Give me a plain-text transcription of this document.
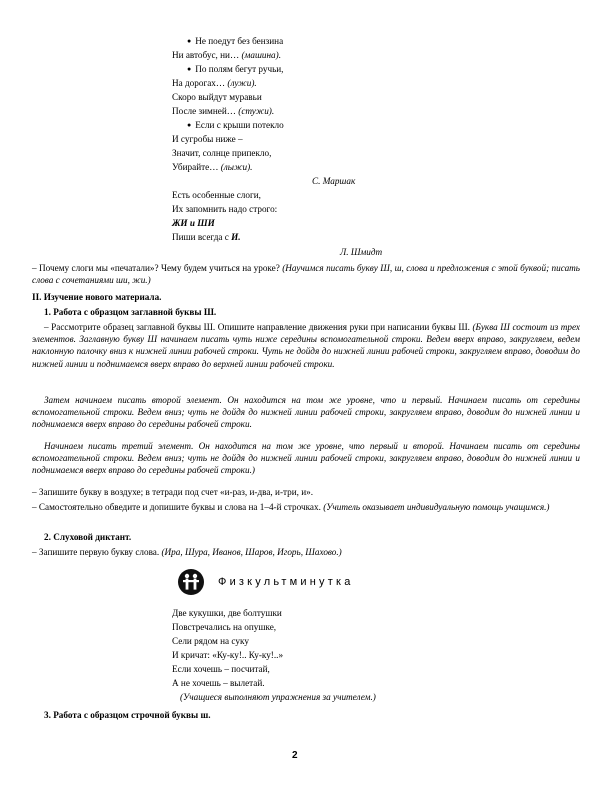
● Не поедут без бензина
Ни автобус, ни… (машина).
● По полям бегут ручьи,
На дорогах… (лужи).
Скоро выйдут муравьи
После зимней… (стужи).
● Если с крыши потекло
И сугробы ниже –
Значит, солнце припекло,
Убирайте… (лыжи).
С. Маршак
Есть особенные слоги,
Их запомнить надо строго:
ЖИ и ШИ
Пиши всегда с И.
Л. Шмидт
– Почему слоги мы «печатали»? Чему будем учиться на уроке? (Научимся писать букву Ш, ш, слова и предложения с этой буквой; писать слова с сочетаниями ши, жи.)
II. Изучение нового материала.
1. Работа с образцом заглавной буквы Ш.
– Рассмотрите образец заглавной буквы Ш. Опишите направление движения руки при написании буквы Ш. (Буква Ш состоит из трех элементов. Заглавную букву Ш начинаем писать чуть ниже середины вспомогательной строки. Ведем вверх вправо, закругляем, ведем наклонную палочку вниз к нижней линии рабочей строки. Чуть не дойдя до нижней линии рабочей строки, закругляем вправо, доводим до нижней линии и поднимаемся вверх вправо до верхней линии рабочей строки.
Затем начинаем писать второй элемент. Он находится на том же уровне, что и первый. Начинаем писать от середины вспомогательной строки. Ведем вниз; чуть не дойдя до нижней линии рабочей строки, закругляем вправо, доводим до нижней линии и поднимаемся вверх вправо до середины рабочей строки.
Начинаем писать третий элемент. Он находится на том же уровне, что первый и второй. Начинаем писать от середины вспомогательной строки. Ведем вниз; чуть не дойдя до нижней линии рабочей строки, закругляем вправо, доводим до нижней линии и поднимаемся вверх вправо до середины рабочей строки.)
– Запишите букву в воздухе; в тетради под счет «и-раз, и-два, и-три, и».
– Самостоятельно обведите и допишите буквы и слова на 1–4-й строчках. (Учитель оказывает индивидуальную помощь учащимся.)
2. Слуховой диктант.
– Запишите первую букву слова. (Ира, Шура, Иванов, Шаров, Игорь, Шахово.)
Физкультминутка
Две кукушки, две болтушки
Повстречались на опушке,
Сели рядом на суку
И кричат: «Ку-ку!.. Ку-ку!..»
Если хочешь – посчитай,
А не хочешь – вылетай.
(Учащиеся выполняют упражнения за учителем.)
3. Работа с образцом строчной буквы ш.
2
